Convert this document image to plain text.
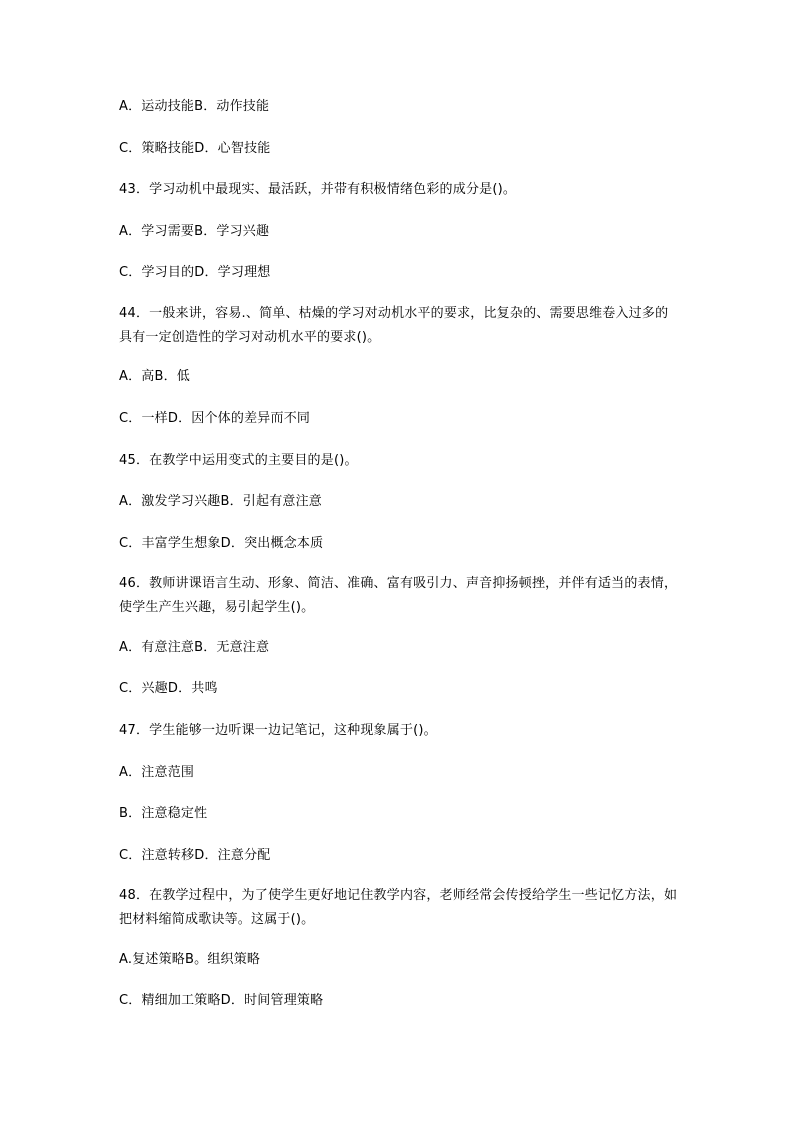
A．运动技能B．动作技能
C．策略技能D．心智技能
43．学习动机中最现实、最活跃，并带有积极情绪色彩的成分是()。
A．学习需要B．学习兴趣
C．学习目的D．学习理想
44．一般来讲，容易.、简单、枯燥的学习对动机水平的要求，比复杂的、需要思维卷入过多的具有一定创造性的学习对动机水平的要求()。
A．高B．低
C．一样D．因个体的差异而不同
45．在教学中运用变式的主要目的是()。
A．激发学习兴趣B．引起有意注意
C．丰富学生想象D．突出概念本质
46．教师讲课语言生动、形象、简洁、准确、富有吸引力、声音抑扬顿挫，并伴有适当的表情，使学生产生兴趣，易引起学生()。
A．有意注意B．无意注意
C．兴趣D．共鸣
47．学生能够一边听课一边记笔记，这种现象属于()。
A．注意范围
B．注意稳定性
C．注意转移D．注意分配
48．在教学过程中，为了使学生更好地记住教学内容，老师经常会传授给学生一些记忆方法，如把材料缩简成歌诀等。这属于()。
A.复述策略B。组织策略
C．精细加工策略D．时间管理策略
